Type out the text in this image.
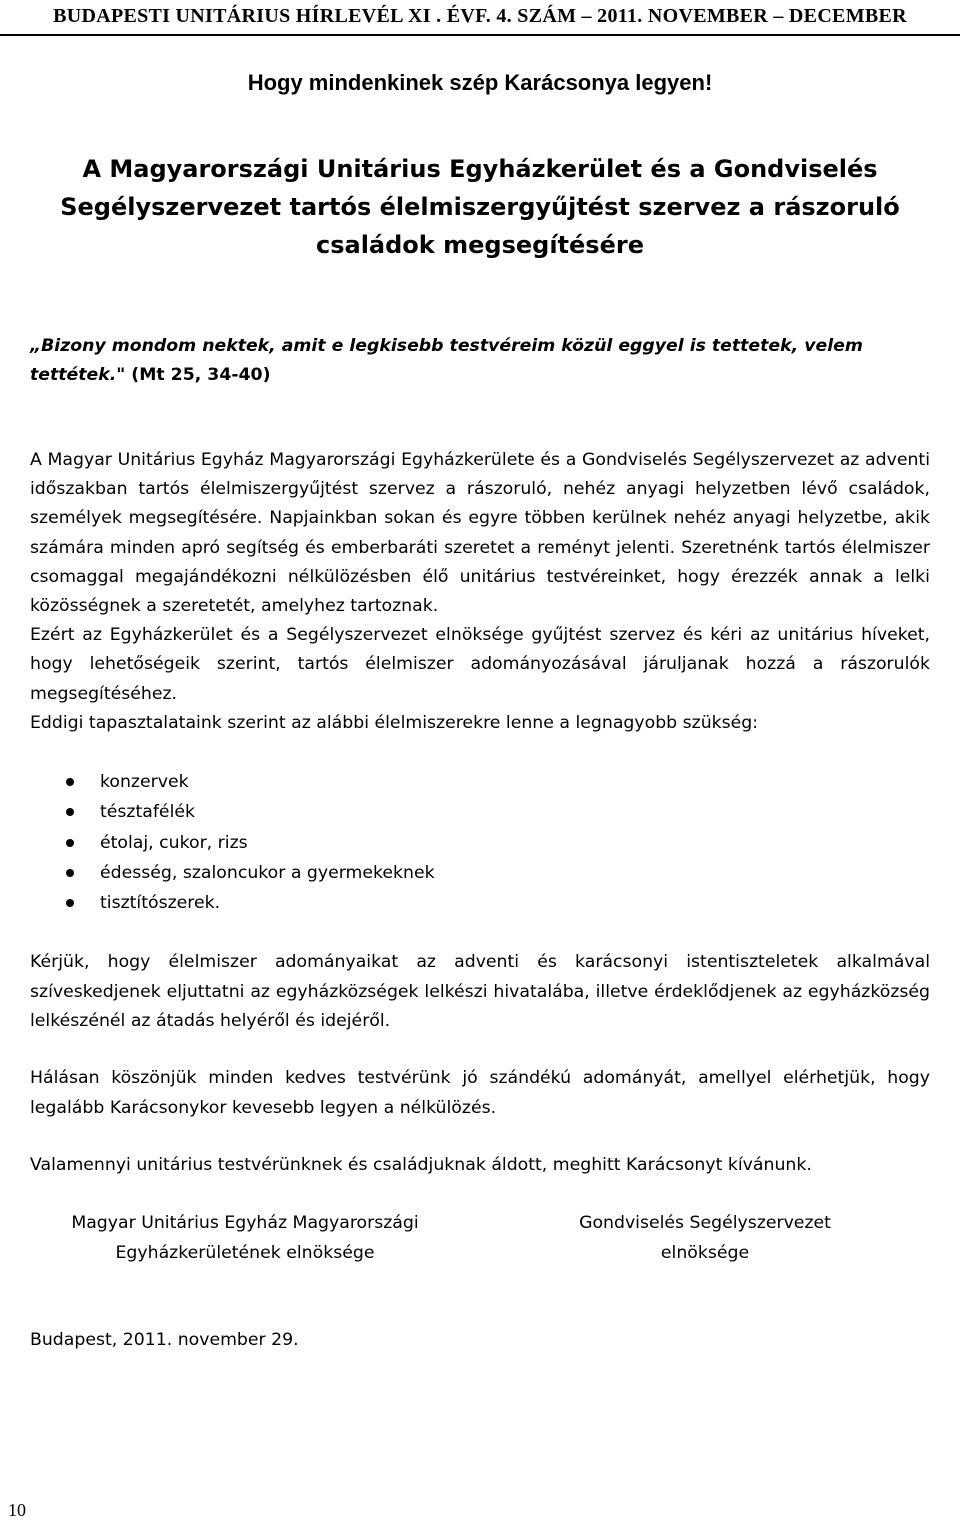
BUDAPESTI UNITÁRIUS HÍRLEVÉL XI . ÉVF. 4. SZÁM – 2011. NOVEMBER – DECEMBER
Hogy mindenkinek szép Karácsonya legyen!
A Magyarországi Unitárius Egyházkerület és a Gondviselés Segélyszervezet tartós élelmiszergyűjtést szervez a rászoruló családok megsegítésére

„Bizony mondom nektek, amit e legkisebb testvéreim közül eggyel is tettetek, velem tettétek." (Mt 25, 34-40)

A Magyar Unitárius Egyház Magyarországi Egyházkerülete és a Gondviselés Segélyszervezet az adventi időszakban tartós élelmiszergyűjtést szervez a rászoruló, nehéz anyagi helyzetben lévő családok, személyek megsegítésére. Napjainkban sokan és egyre többen kerülnek nehéz anyagi helyzetbe, akik számára minden apró segítség és emberbaráti szeretet a reményt jelenti. Szeretnénk tartós élelmiszer csomaggal megajándékozni nélkülözésben élő unitárius testvéreinket, hogy érezzék annak a lelki közösségnek a szeretetét, amelyhez tartoznak.

Ezért az Egyházkerület és a Segélyszervezet elnöksége gyűjtést szervez és kéri az unitárius híveket, hogy lehetőségeik szerint, tartós élelmiszer adományozásával járuljanak hozzá a rászorulók megsegítéséhez.

Eddigi tapasztalataink szerint az alábbi élelmiszerekre lenne a legnagyobb szükség:

konzervek
tésztafélék
étolaj, cukor, rizs
édesség, szaloncukor a gyermekeknek
tisztítószerek.

Kérjük, hogy élelmiszer adományaikat az adventi és karácsonyi istentiszteletek alkalmával szíveskedjenek eljuttatni az egyházközségek lelkészi hivatalába, illetve érdeklődjenek az egyházközség lelkészénél az átadás helyéről és idejéről.

Hálásan köszönjük minden kedves testvérünk jó szándékú adományát, amellyel elérhetjük, hogy legalább Karácsonykor kevesebb legyen a nélkülözés.

Valamennyi unitárius testvérünknek és családjuknak áldott, meghitt Karácsonyt kívánunk.

Magyar Unitárius Egyház Magyarországi
Egyházkerületének elnöksége
Gondviselés Segélyszervezet
elnöksége
Budapest, 2011. november 29.
10
